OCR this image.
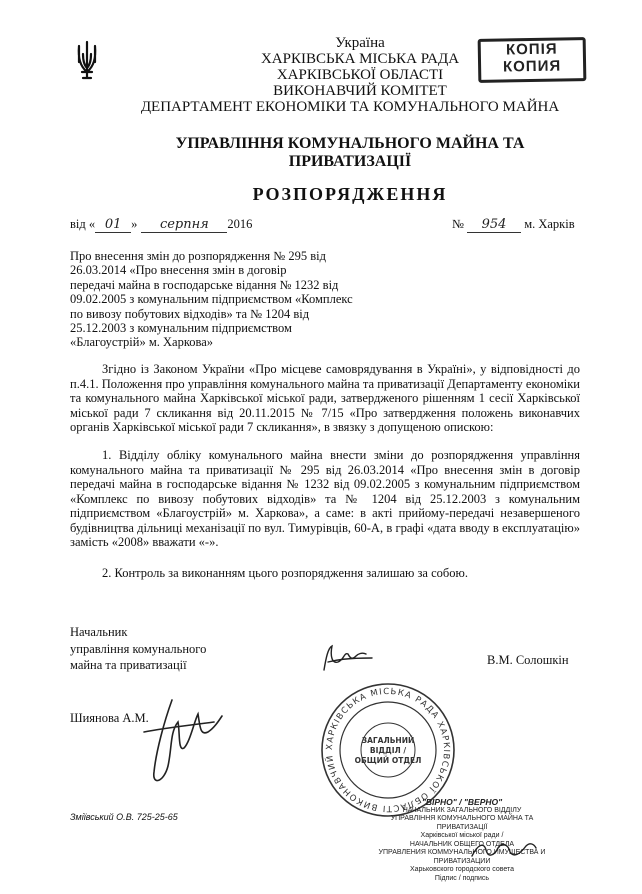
КОПІЯ
КОПИЯ
Україна
ХАРКІВСЬКА МІСЬКА РАДА
ХАРКІВСЬКОЇ ОБЛАСТІ
ВИКОНАВЧИЙ КОМІТЕТ
ДЕПАРТАМЕНТ ЕКОНОМІКИ ТА КОМУНАЛЬНОГО МАЙНА
УПРАВЛІННЯ КОМУНАЛЬНОГО МАЙНА ТА
ПРИВАТИЗАЦІЇ
РОЗПОРЯДЖЕННЯ
від « 01 » серпня 2016	№ 954 м. Харків
Про внесення змін до розпорядження № 295 від
26.03.2014 «Про внесення змін в договір
передачі майна в господарське відання № 1232 від
09.02.2005 з комунальним підприємством «Комплекс
по вивозу побутових відходів» та № 1204 від
25.12.2003 з комунальним підприємством
«Благоустрій» м. Харкова»
Згідно із Законом України «Про місцеве самоврядування в Україні», у відповідності до п.4.1. Положення про управління комунального майна та приватизації Департаменту економіки та комунального майна Харківської міської ради, затвердженого рішенням 1 сесії Харківської міської ради 7 скликання від 20.11.2015 № 7/15 «Про затвердження положень виконавчих органів Харківської міської ради 7 скликання», в звязку з допущеною опискою:
1. Відділу обліку комунального майна внести зміни до розпорядження управління комунального майна та приватизації № 295 від 26.03.2014 «Про внесення змін в договір передачі майна в господарське відання № 1232 від 09.02.2005 з комунальним підприємством «Комплекс по вивозу побутових відходів» та № 1204 від 25.12.2003 з комунальним підприємством «Благоустрій» м. Харкова», а саме: в акті прийому-передачі незавершеного будівництва дільниці механізації по вул. Тимурівців, 60-А, в графі «дата вводу в експлуатацію» замість «2008» вважати «-».
2. Контроль за виконанням цього розпорядження залишаю за собою.
Начальник
управління комунального
майна та приватизації	В.М. Солошкін
Шиянова А.М.
Зміївський О.В. 725-25-65
ХАРКІВСЬКА МІСЬКА РАДА ХАРКІВСЬКОЇ ОБЛАСТІ ВИКОНАВЧИЙ
ЗАГАЛЬНИЙ
ВІДДІЛ /
ОБЩИЙ ОТДЕЛ
"ВІРНО" / "ВЕРНО"
НАЧАЛЬНИК ЗАГАЛЬНОГО ВІДДІЛУ
УПРАВЛІННЯ КОМУНАЛЬНОГО МАЙНА ТА ПРИВАТИЗАЦІЇ
Харківської міської ради /
НАЧАЛЬНИК ОБЩЕГО ОТДЕЛА
УПРАВЛЕНИЯ КОММУНАЛЬНОГО ИМУЩЕСТВА И ПРИВАТИЗАЦИИ
Харьковского городского совета
Підпис / подпись
